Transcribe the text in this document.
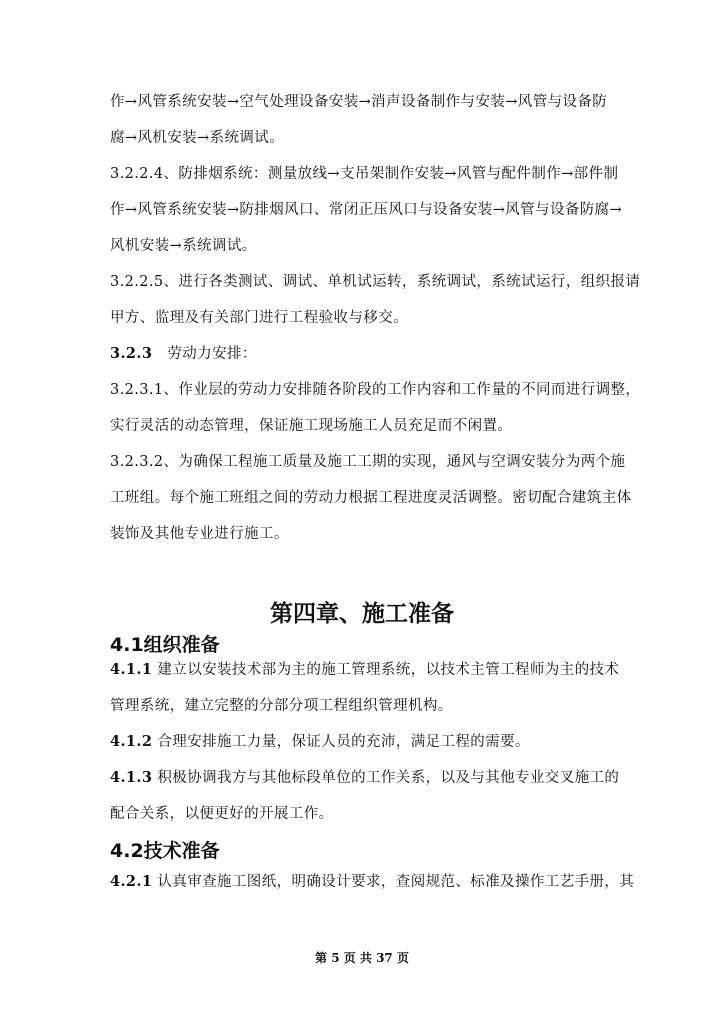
作→风管系统安装→空气处理设备安装→消声设备制作与安装→风管与设备防
腐→风机安装→系统调试。
3.2.2.4、防排烟系统：测量放线→支吊架制作安装→风管与配件制作→部件制
作→风管系统安装→防排烟风口、常闭正压风口与设备安装→风管与设备防腐→
风机安装→系统调试。
3.2.2.5、进行各类测试、调试、单机试运转，系统调试，系统试运行，组织报请
甲方、监理及有关部门进行工程验收与移交。
3.2.3 劳动力安排：
3.2.3.1、作业层的劳动力安排随各阶段的工作内容和工作量的不同而进行调整，
实行灵活的动态管理，保证施工现场施工人员充足而不闲置。
3.2.3.2、为确保工程施工质量及施工工期的实现，通风与空调安装分为两个施
工班组。每个施工班组之间的劳动力根据工程进度灵活调整。密切配合建筑主体
装饰及其他专业进行施工。
第四章、施工准备
4.1组织准备
4.1.1 建立以安装技术部为主的施工管理系统，以技术主管工程师为主的技术
管理系统，建立完整的分部分项工程组织管理机构。
4.1.2 合理安排施工力量，保证人员的充沛，满足工程的需要。
4.1.3 积极协调我方与其他标段单位的工作关系，以及与其他专业交叉施工的
配合关系，以便更好的开展工作。
4.2技术准备
4.2.1 认真审查施工图纸，明确设计要求，查阅规范、标准及操作工艺手册，其
第 5 页 共 37 页
